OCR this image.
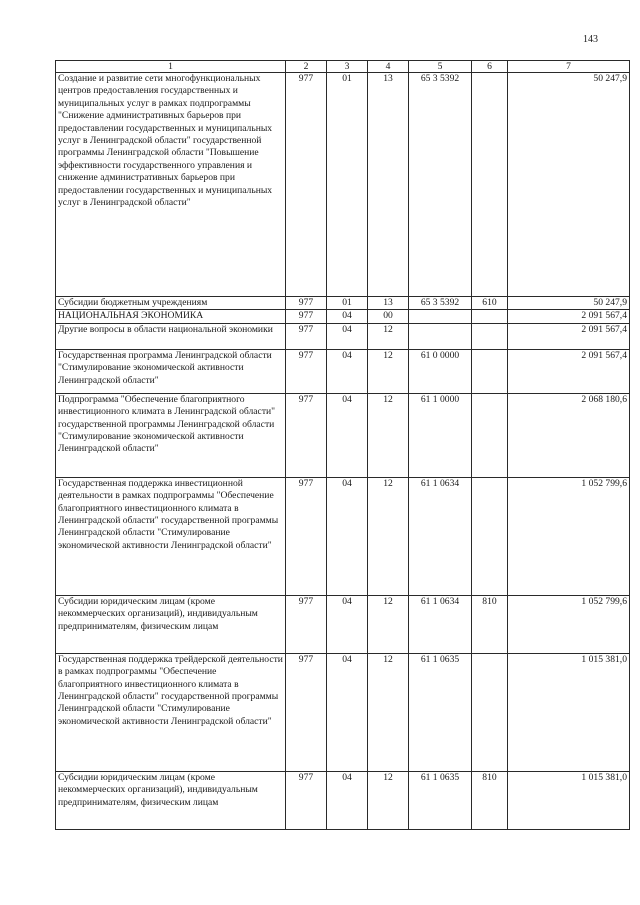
143
1	2	3	4	5	6	7
Создание и развитие сети многофункциональных центров предоставления государственных и муниципальных услуг в рамках подпрограммы "Снижение административных барьеров при предоставлении государственных и муниципальных услуг в Ленинградской области" государственной программы Ленинградской области "Повышение эффективности государственного управления и снижение административных барьеров при предоставлении государственных и муниципальных услуг в Ленинградской области"	977	01	13	65 3 5392		50 247,9
Субсидии бюджетным учреждениям	977	01	13	65 3 5392	610	50 247,9
НАЦИОНАЛЬНАЯ ЭКОНОМИКА	977	04	00			2 091 567,4
Другие вопросы в области национальной экономики	977	04	12			2 091 567,4
Государственная программа Ленинградской области "Стимулирование экономической активности Ленинградской области"	977	04	12	61 0 0000		2 091 567,4
Подпрограмма "Обеспечение благоприятного инвестиционного климата в Ленинградской области" государственной программы Ленинградской области "Стимулирование экономической активности Ленинградской области"	977	04	12	61 1 0000		2 068 180,6
Государственная поддержка инвестиционной деятельности в рамках подпрограммы "Обеспечение благоприятного инвестиционного климата в Ленинградской области" государственной программы Ленинградской области "Стимулирование экономической активности Ленинградской области"	977	04	12	61 1 0634		1 052 799,6
Субсидии юридическим лицам (кроме некоммерческих организаций), индивидуальным предпринимателям, физическим лицам	977	04	12	61 1 0634	810	1 052 799,6
Государственная поддержка трейдерской деятельности в рамках подпрограммы "Обеспечение благоприятного инвестиционного климата в Ленинградской области" государственной программы Ленинградской области "Стимулирование экономической активности Ленинградской области"	977	04	12	61 1 0635		1 015 381,0
Субсидии юридическим лицам (кроме некоммерческих организаций), индивидуальным предпринимателям, физическим лицам	977	04	12	61 1 0635	810	1 015 381,0
